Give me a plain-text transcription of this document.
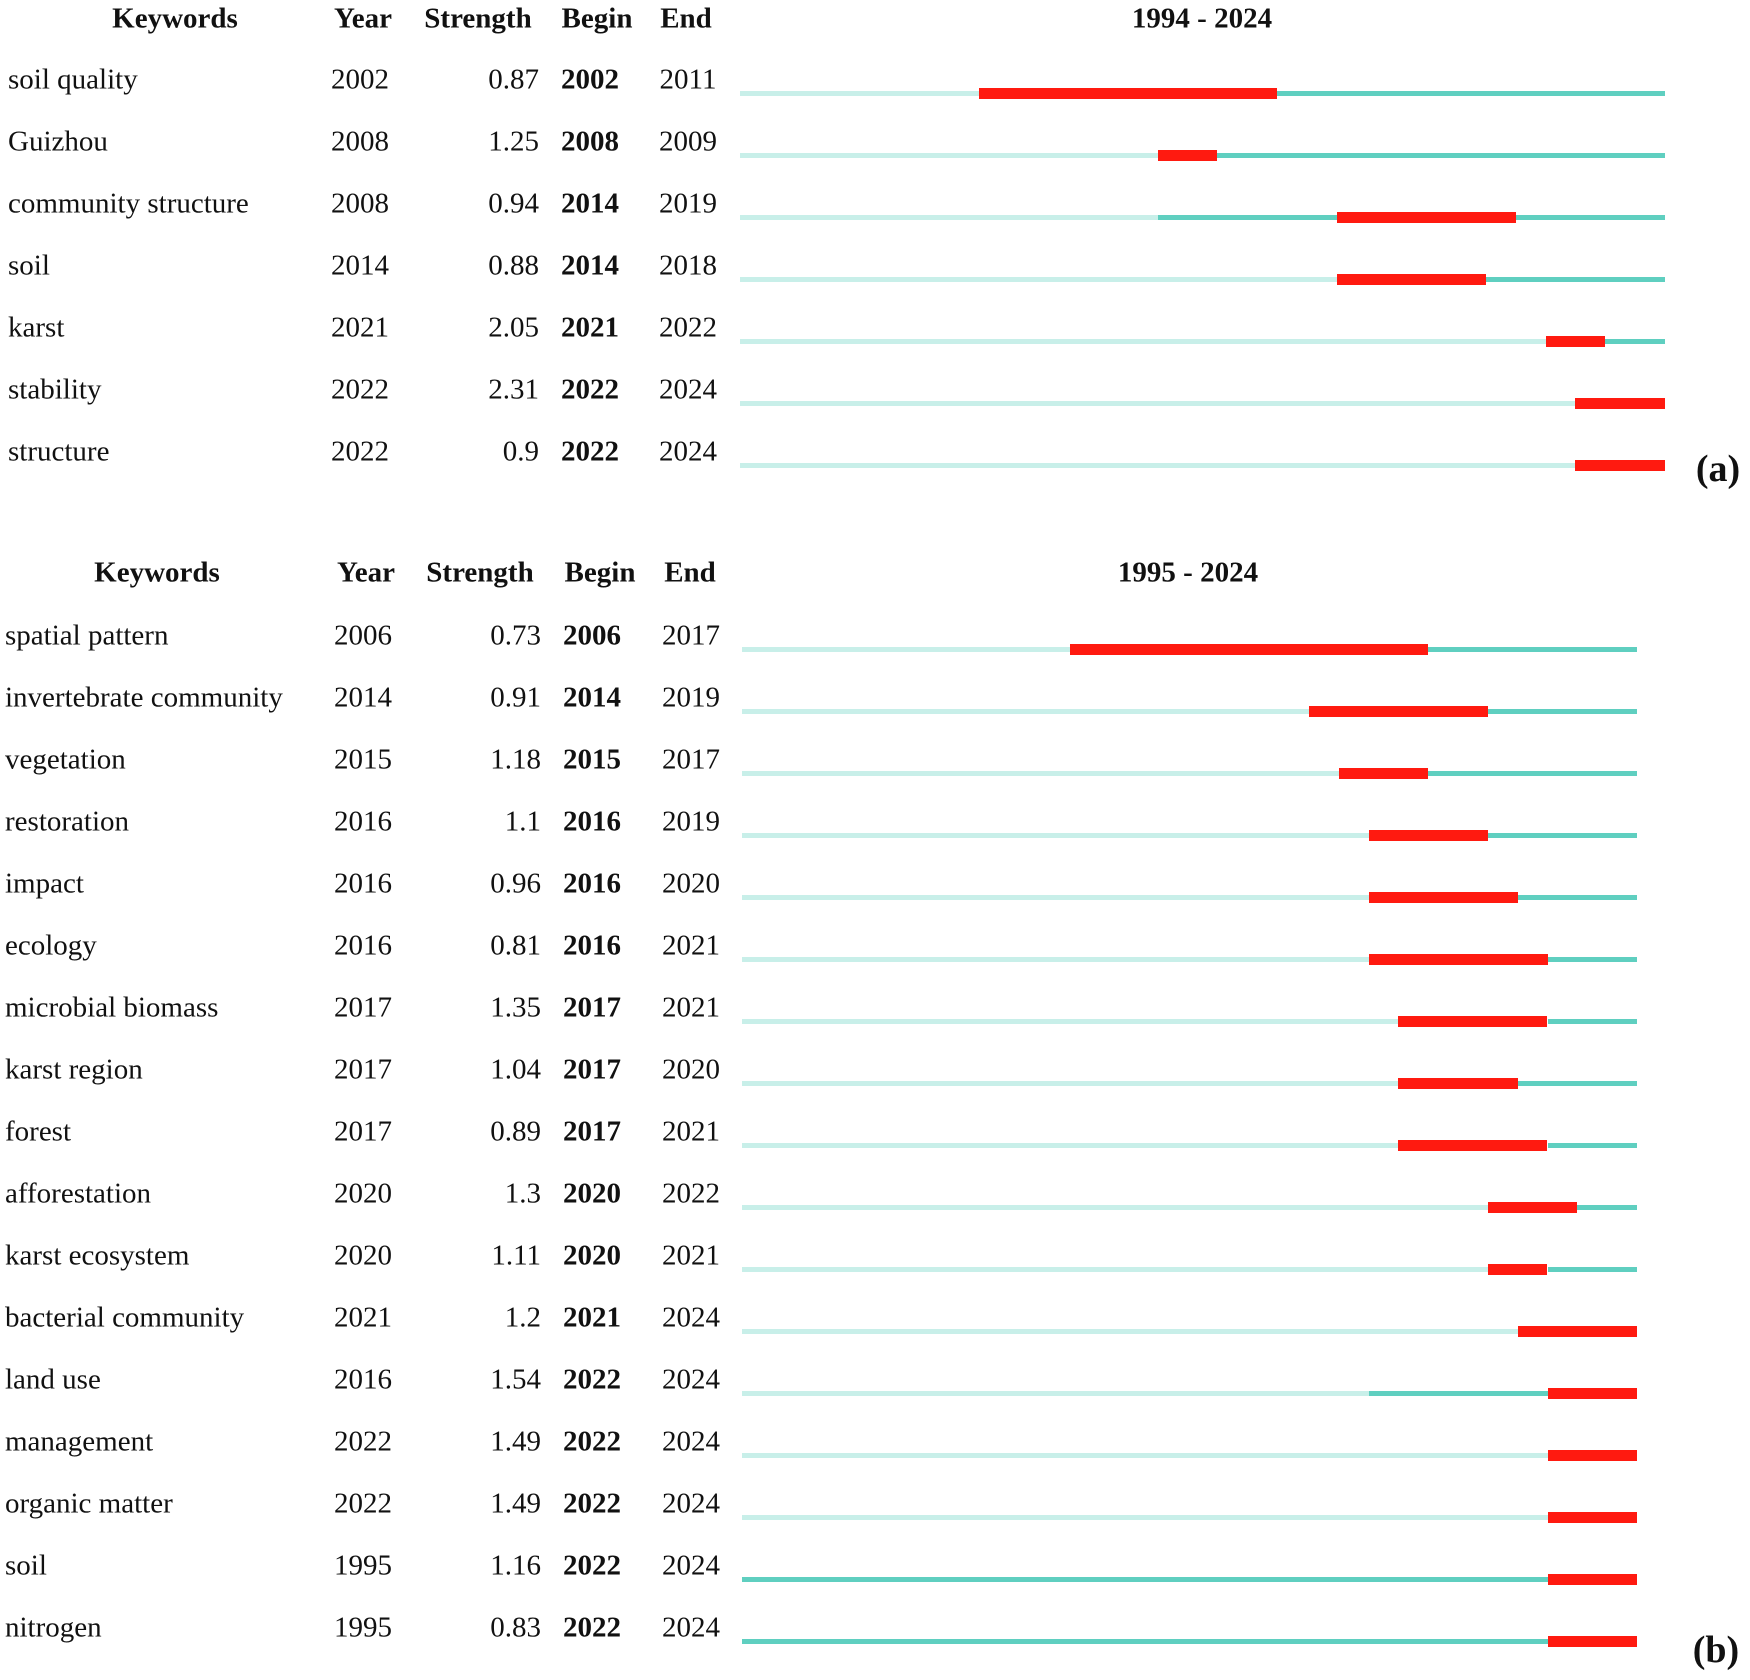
Keywords	Year Strength Begin End	1994 - 2024
(a)
soil quality	2002	0.87 2002 2011
Guizhou	2008	1.25 2008 2009
community structure	2008	0.94 2014 2019
soil	2014	0.88 2014 2018
karst	2021	2.05 2021 2022
stability	2022	2.31 2022 2024
structure	2022	0.9 2022 2024
Keywords	Year Strength Begin End	1995 - 2024
(b)
spatial pattern	2006	0.73 2006 2017
invertebrate community 2014	0.91 2014 2019
vegetation	2015	1.18 2015 2017
restoration	2016	1.1 2016 2019
impact	2016	0.96 2016 2020
ecology	2016	0.81 2016 2021
microbial biomass	2017	1.35 2017 2021
karst region	2017	1.04 2017 2020
forest	2017	0.89 2017 2021
afforestation	2020	1.3 2020 2022
karst ecosystem	2020	1.11 2020 2021
bacterial community	2021	1.2 2021 2024
land use	2016	1.54 2022 2024
management	2022	1.49 2022 2024
organic matter	2022	1.49 2022 2024
soil	1995	1.16 2022 2024
nitrogen	1995	0.83 2022 2024
